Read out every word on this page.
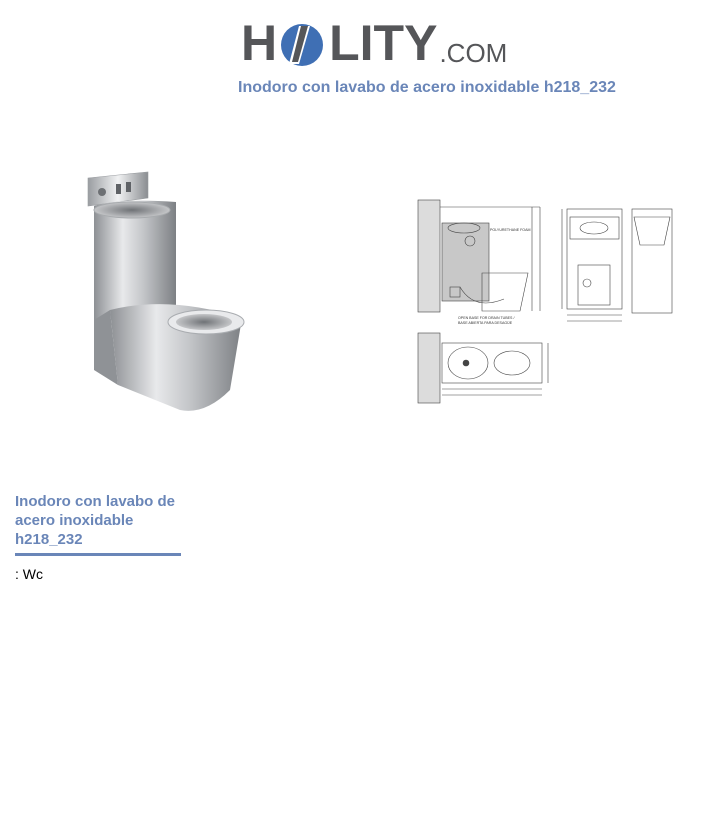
H LITY .COM
Inodoro con lavabo de acero inoxidable h218_232
POLYURETHANE FOAM
OPEN BASE FOR DRAIN TUBES /
BASE ABIERTA PARA DESAGÜE
Inodoro con lavabo de acero inoxidable h218_232

: Wc
